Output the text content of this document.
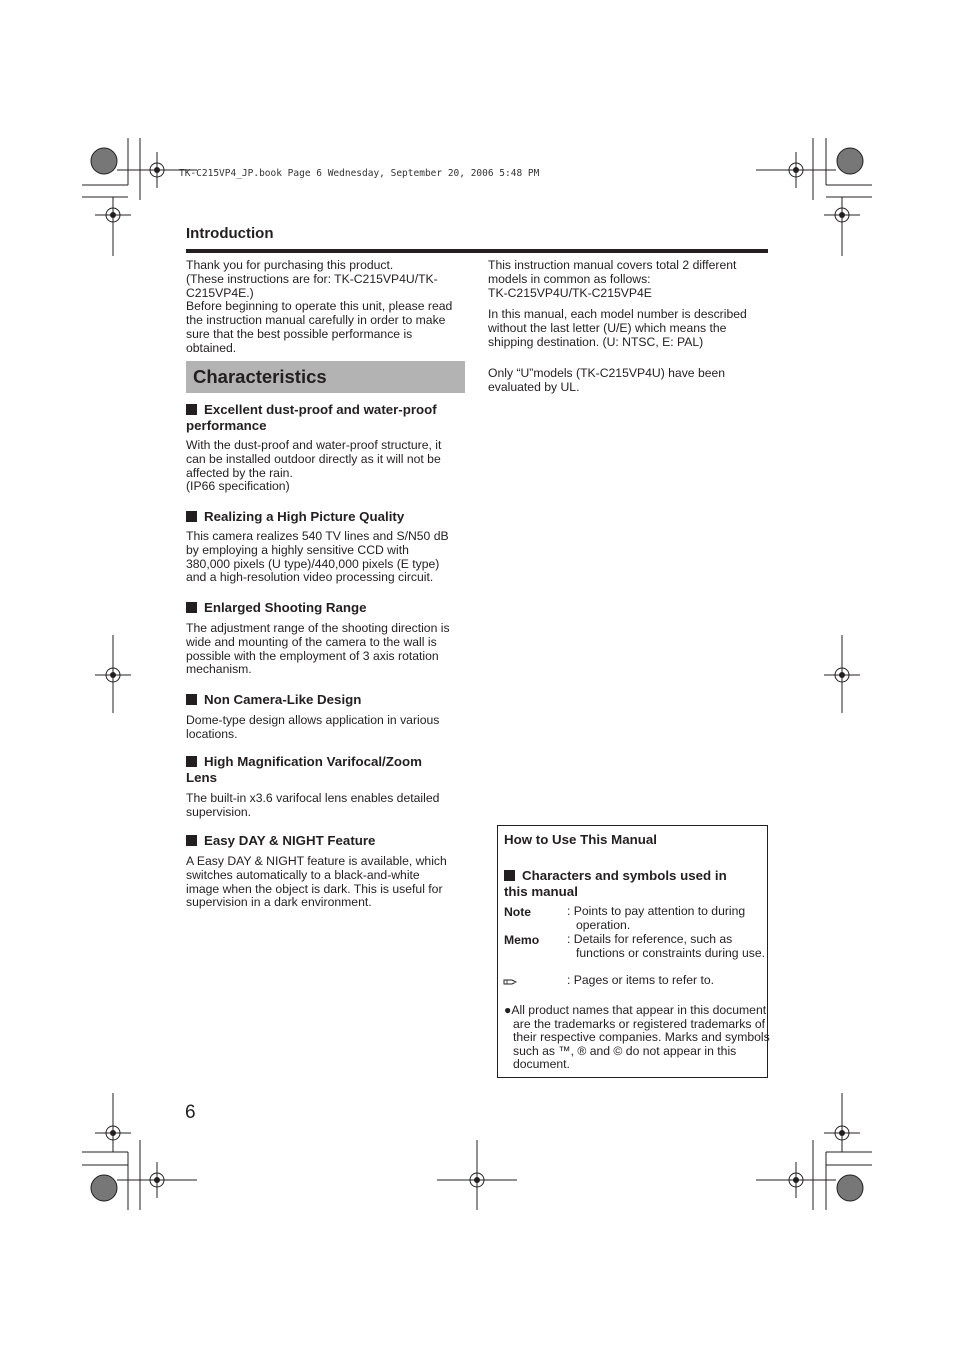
TK-C215VP4_JP.book Page 6 Wednesday, September 20, 2006 5:48 PM
Introduction
Thank you for purchasing this product.
(These instructions are for: TK-C215VP4U/TK-
C215VP4E.)
Before beginning to operate this unit, please read
the instruction manual carefully in order to make
sure that the best possible performance is
obtained.
This instruction manual covers total 2 different
models in common as follows:
TK-C215VP4U/TK-C215VP4E
In this manual, each model number is described
without the last letter (U/E) which means the
shipping destination. (U: NTSC, E: PAL)
Only “U”models (TK-C215VP4U) have been
evaluated by UL.
Characteristics
Excellent dust-proof and water-proof
performance
With the dust-proof and water-proof structure, it
can be installed outdoor directly as it will not be
affected by the rain.
(IP66 specification)
Realizing a High Picture Quality
This camera realizes 540 TV lines and S/N50 dB
by employing a highly sensitive CCD with
380,000 pixels (U type)/440,000 pixels (E type)
and a high-resolution video processing circuit.
Enlarged Shooting Range
The adjustment range of the shooting direction is
wide and mounting of the camera to the wall is
possible with the employment of 3 axis rotation
mechanism.
Non Camera-Like Design
Dome-type design allows application in various
locations.
High Magnification Varifocal/Zoom
Lens
The built-in x3.6 varifocal lens enables detailed
supervision.
Easy DAY & NIGHT Feature
A Easy DAY & NIGHT feature is available, which
switches automatically to a black-and-white
image when the object is dark. This is useful for
supervision in a dark environment.
How to Use This Manual
Characters and symbols used in
this manual
Note	: Points to pay attention to during operation.
Memo : Details for reference, such as functions or constraints during use.
: Pages or items to refer to.
●All product names that appear in this document are the trademarks or registered trademarks of their respective companies. Marks and symbols such as ™, ® and © do not appear in this document.
6
